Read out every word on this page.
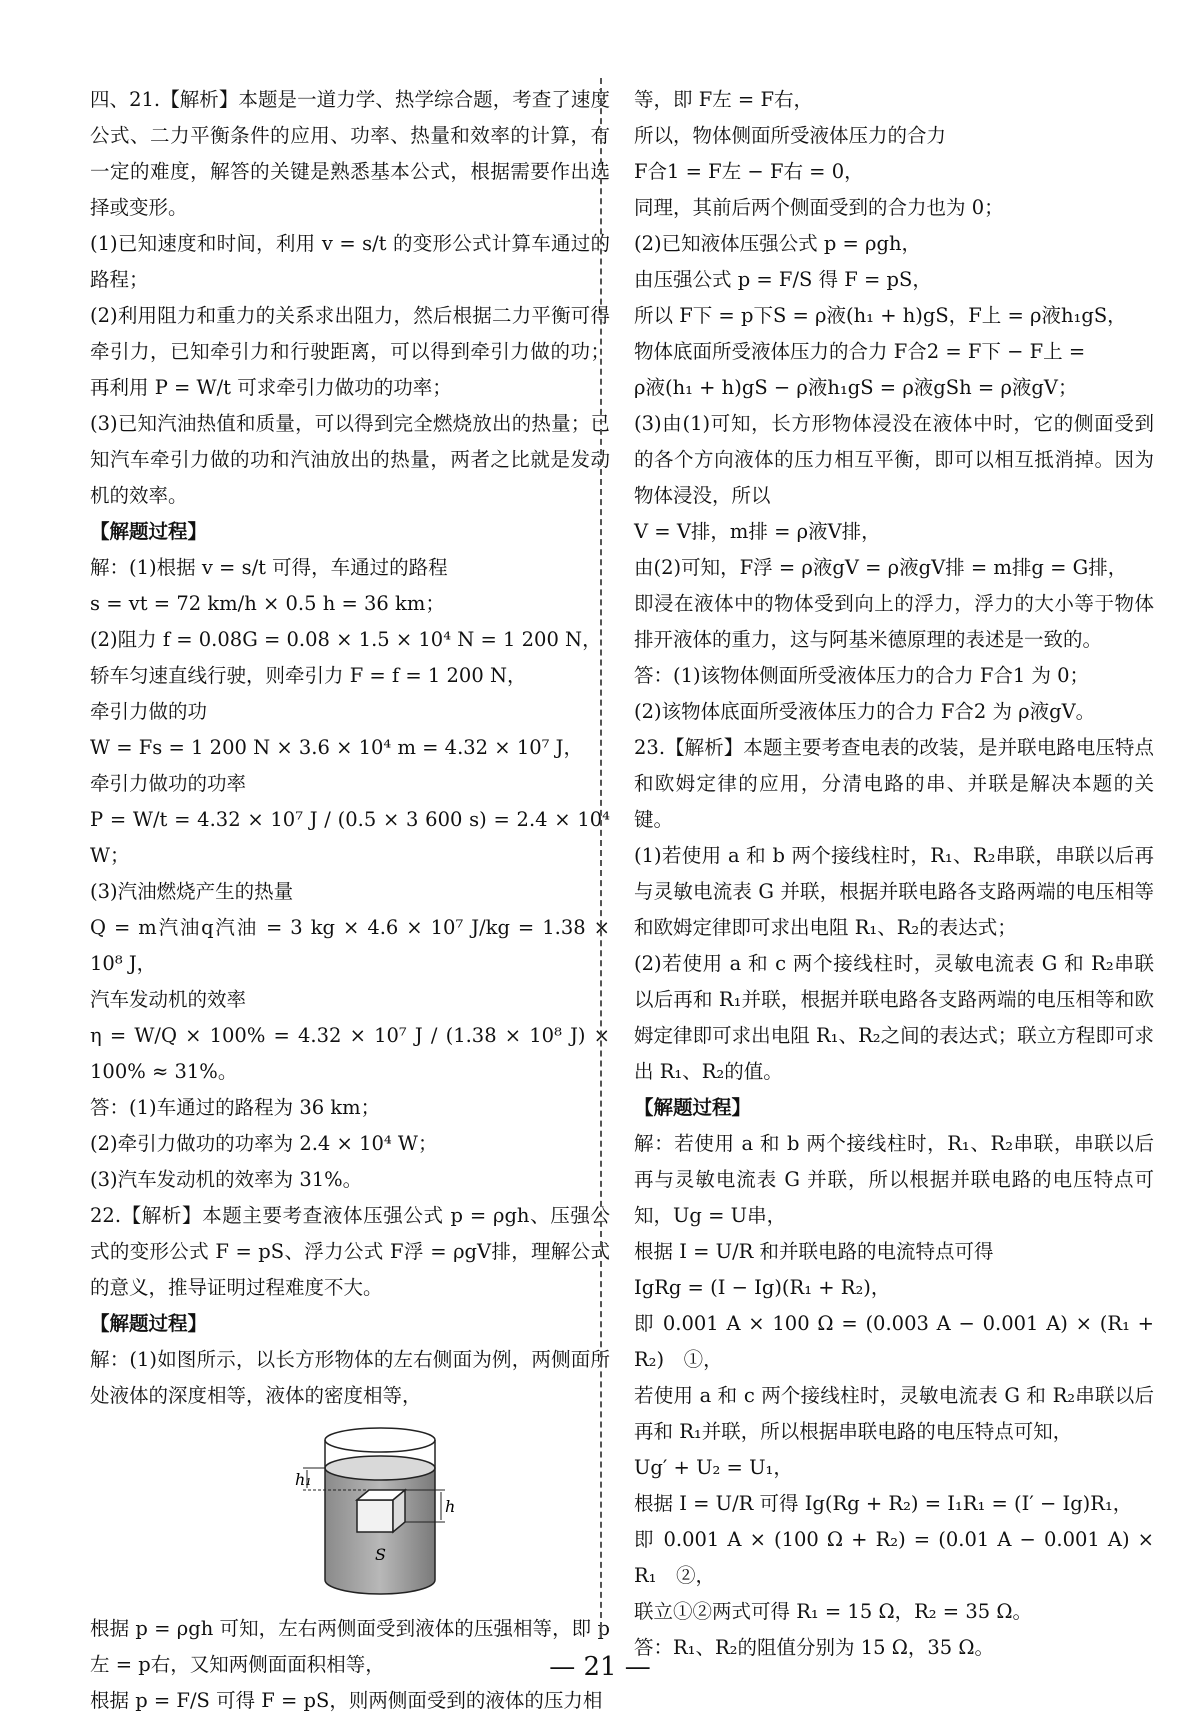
四、21.【解析】本题是一道力学、热学综合题，考查了速度公式、二力平衡条件的应用、功率、热量和效率的计算，有一定的难度，解答的关键是熟悉基本公式，根据需要作出选择或变形。

(1)已知速度和时间，利用 v = s/t 的变形公式计算车通过的路程；

(2)利用阻力和重力的关系求出阻力，然后根据二力平衡可得牵引力，已知牵引力和行驶距离，可以得到牵引力做的功；再利用 P = W/t 可求牵引力做功的功率；

(3)已知汽油热值和质量，可以得到完全燃烧放出的热量；已知汽车牵引力做的功和汽油放出的热量，两者之比就是发动机的效率。

【解题过程】

解：(1)根据 v = s/t 可得，车通过的路程

s = vt = 72 km/h × 0.5 h = 36 km；

(2)阻力 f = 0.08G = 0.08 × 1.5 × 10⁴ N = 1 200 N，

轿车匀速直线行驶，则牵引力 F = f = 1 200 N，

牵引力做的功

W = Fs = 1 200 N × 3.6 × 10⁴ m = 4.32 × 10⁷ J，

牵引力做功的功率

P = W/t = 4.32 × 10⁷ J / (0.5 × 3 600 s) = 2.4 × 10⁴ W；

(3)汽油燃烧产生的热量

Q = m汽油q汽油 = 3 kg × 4.6 × 10⁷ J/kg = 1.38 × 10⁸ J，

汽车发动机的效率

η = W/Q × 100% = 4.32 × 10⁷ J / (1.38 × 10⁸ J) × 100% ≈ 31%。

答：(1)车通过的路程为 36 km；

(2)牵引力做功的功率为 2.4 × 10⁴ W；

(3)汽车发动机的效率为 31%。

22.【解析】本题主要考查液体压强公式 p = ρgh、压强公式的变形公式 F = pS、浮力公式 F浮 = ρgV排，理解公式的意义，推导证明过程难度不大。

【解题过程】

解：(1)如图所示，以长方形物体的左右侧面为例，两侧面所处液体的深度相等，液体的密度相等，

h₁
h
S

根据 p = ρgh 可知，左右两侧面受到液体的压强相等，即 p左 = p右，又知两侧面面积相等，

根据 p = F/S 可得 F = pS，则两侧面受到的液体的压力相

等，即 F左 = F右，

所以，物体侧面所受液体压力的合力

F合1 = F左 − F右 = 0，

同理，其前后两个侧面受到的合力也为 0；

(2)已知液体压强公式 p = ρgh，

由压强公式 p = F/S 得 F = pS，

所以 F下 = p下S = ρ液(h₁ + h)gS，F上 = ρ液h₁gS，

物体底面所受液体压力的合力 F合2 = F下 − F上 =

ρ液(h₁ + h)gS − ρ液h₁gS = ρ液gSh = ρ液gV；

(3)由(1)可知，长方形物体浸没在液体中时，它的侧面受到的各个方向液体的压力相互平衡，即可以相互抵消掉。因为物体浸没，所以

V = V排，m排 = ρ液V排，

由(2)可知，F浮 = ρ液gV = ρ液gV排 = m排g = G排，

即浸在液体中的物体受到向上的浮力，浮力的大小等于物体排开液体的重力，这与阿基米德原理的表述是一致的。

答：(1)该物体侧面所受液体压力的合力 F合1 为 0；

(2)该物体底面所受液体压力的合力 F合2 为 ρ液gV。

23.【解析】本题主要考查电表的改装，是并联电路电压特点和欧姆定律的应用，分清电路的串、并联是解决本题的关键。

(1)若使用 a 和 b 两个接线柱时，R₁、R₂串联，串联以后再与灵敏电流表 G 并联，根据并联电路各支路两端的电压相等和欧姆定律即可求出电阻 R₁、R₂的表达式；

(2)若使用 a 和 c 两个接线柱时，灵敏电流表 G 和 R₂串联以后再和 R₁并联，根据并联电路各支路两端的电压相等和欧姆定律即可求出电阻 R₁、R₂之间的表达式；联立方程即可求出 R₁、R₂的值。

【解题过程】

解：若使用 a 和 b 两个接线柱时，R₁、R₂串联，串联以后再与灵敏电流表 G 并联，所以根据并联电路的电压特点可知，Ug = U串，

根据 I = U/R 和并联电路的电流特点可得

IgRg = (I − Ig)(R₁ + R₂)，

即 0.001 A × 100 Ω = (0.003 A − 0.001 A) × (R₁ + R₂)　①，

若使用 a 和 c 两个接线柱时，灵敏电流表 G 和 R₂串联以后再和 R₁并联，所以根据串联电路的电压特点可知，

Ug′ + U₂ = U₁，

根据 I = U/R 可得 Ig(Rg + R₂) = I₁R₁ = (I′ − Ig)R₁，

即 0.001 A × (100 Ω + R₂) = (0.01 A − 0.001 A) × R₁　②，

联立①②两式可得 R₁ = 15 Ω，R₂ = 35 Ω。

答：R₁、R₂的阻值分别为 15 Ω，35 Ω。

— 21 —
